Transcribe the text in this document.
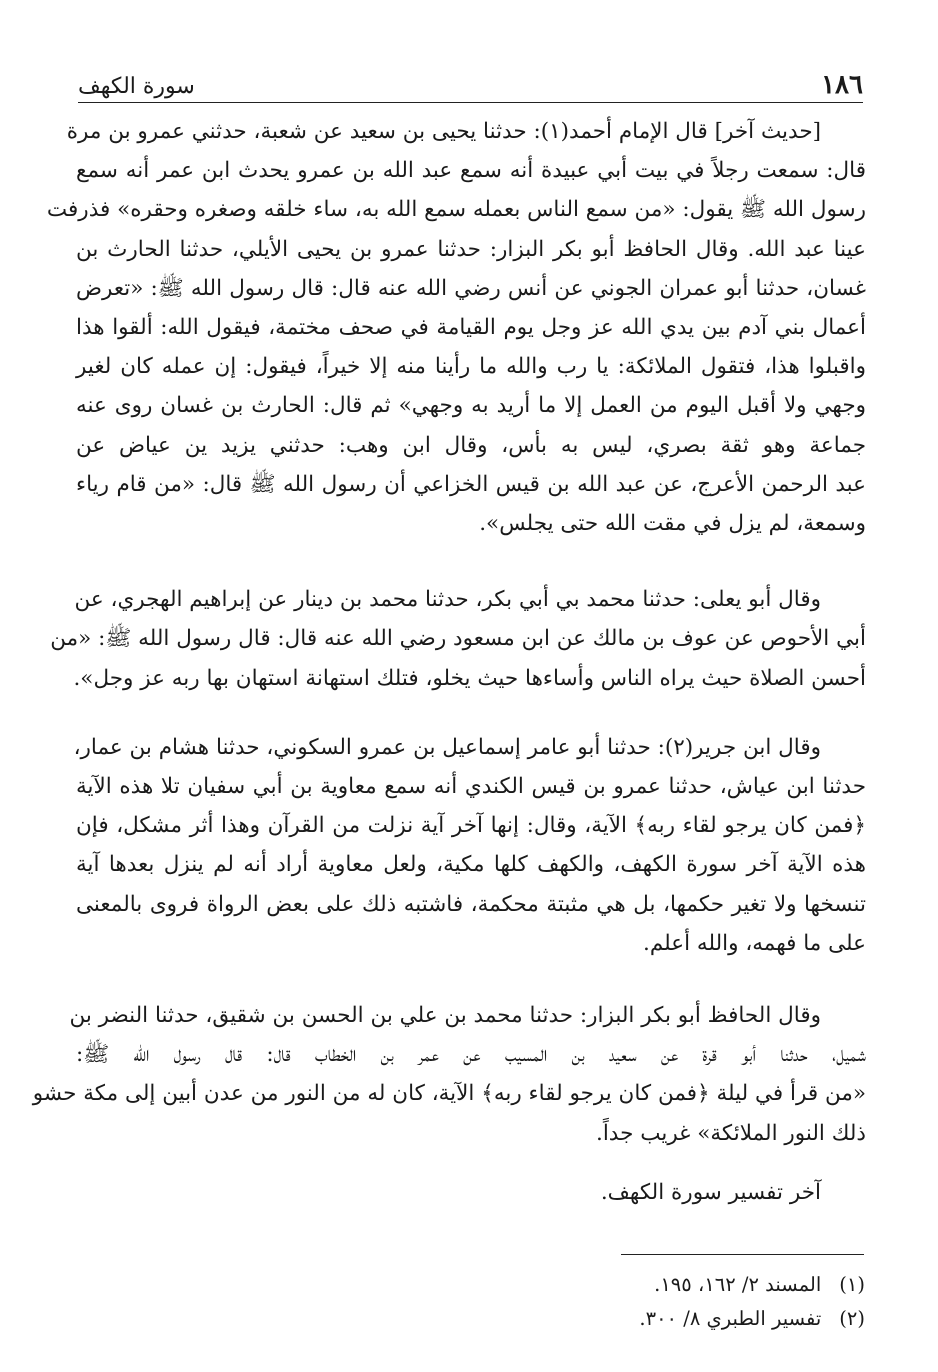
١٨٦
سورة الكهف
[حديث آخر] قال الإمام أحمد(١): حدثنا يحيى بن سعيد عن شعبة، حدثني عمرو بن مرة
قال: سمعت رجلاً في بيت أبي عبيدة أنه سمع عبد الله بن عمرو يحدث ابن عمر أنه سمع
رسول الله ﷺ يقول: «من سمع الناس بعمله سمع الله به، ساء خلقه وصغره وحقره» فذرفت
عينا عبد الله. وقال الحافظ أبو بكر البزار: حدثنا عمرو بن يحيى الأيلي، حدثنا الحارث بن
غسان، حدثنا أبو عمران الجوني عن أنس رضي الله عنه قال: قال رسول الله ﷺ: «تعرض
أعمال بني آدم بين يدي الله عز وجل يوم القيامة في صحف مختمة، فيقول الله: ألقوا هذا
واقبلوا هذا، فتقول الملائكة: يا رب والله ما رأينا منه إلا خيراً، فيقول: إن عمله كان لغير
وجهي ولا أقبل اليوم من العمل إلا ما أريد به وجهي» ثم قال: الحارث بن غسان روى عنه
جماعة وهو ثقة بصري، ليس به بأس، وقال ابن وهب: حدثني يزيد ين عياض عن
عبد الرحمن الأعرج، عن عبد الله بن قيس الخزاعي أن رسول الله ﷺ قال: «من قام رياء
وسمعة، لم يزل في مقت الله حتى يجلس».
وقال أبو يعلى: حدثنا محمد بي أبي بكر، حدثنا محمد بن دينار عن إبراهيم الهجري، عن
أبي الأحوص عن عوف بن مالك عن ابن مسعود رضي الله عنه قال: قال رسول الله ﷺ: «من
أحسن الصلاة حيث يراه الناس وأساءها حيث يخلو، فتلك استهانة استهان بها ربه عز وجل».
وقال ابن جرير(٢): حدثنا أبو عامر إسماعيل بن عمرو السكوني، حدثنا هشام بن عمار،
حدثنا ابن عياش، حدثنا عمرو بن قيس الكندي أنه سمع معاوية بن أبي سفيان تلا هذه الآية
﴿فمن كان يرجو لقاء ربه﴾ الآية، وقال: إنها آخر آية نزلت من القرآن وهذا أثر مشكل، فإن
هذه الآية آخر سورة الكهف، والكهف كلها مكية، ولعل معاوية أراد أنه لم ينزل بعدها آية
تنسخها ولا تغير حكمها، بل هي مثبتة محكمة، فاشتبه ذلك على بعض الرواة فروى بالمعنى
على ما فهمه، والله أعلم.
وقال الحافظ أبو بكر البزار: حدثنا محمد بن علي بن الحسن بن شقيق، حدثنا النضر بن
شميل، حدثنا أبو قرة عن سعيد بن المسيب عن عمر بن الخطاب قال: قال رسول الله ﷺ:
«من قرأ في ليلة ﴿فمن كان يرجو لقاء ربه﴾ الآية، كان له من النور من عدن أبين إلى مكة حشو
ذلك النور الملائكة» غريب جداً.
آخر تفسير سورة الكهف.
(١)
المسند ٢/ ١٦٢، ١٩٥.
(٢)
تفسير الطبري ٨/ ٣٠٠.
